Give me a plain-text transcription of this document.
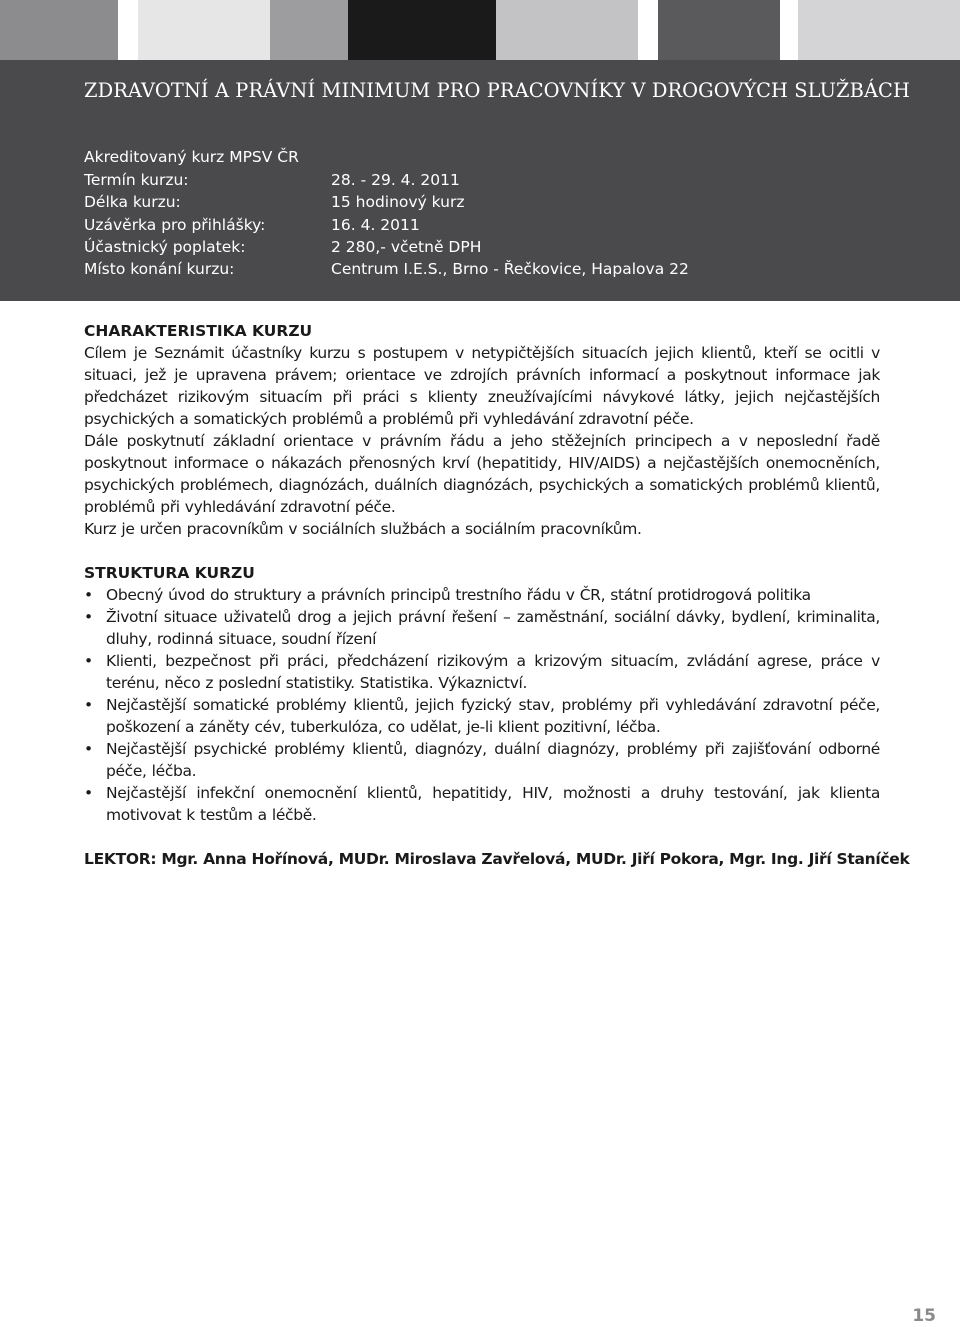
ZDRAVOTNÍ A PRÁVNÍ MINIMUM PRO PRACOVNÍKY V DROGOVÝCH SLUŽBÁCH
Akreditovaný kurz MPSV ČR
Termín kurzu:	28. - 29. 4. 2011
Délka kurzu:	15 hodinový kurz
Uzávěrka pro přihlášky:	16. 4. 2011
Účastnický poplatek:	2 280,- včetně DPH
Místo konání kurzu:	Centrum I.E.S., Brno - Řečkovice, Hapalova 22
CHARAKTERISTIKA KURZU

Cílem je Seznámit účastníky kurzu s postupem v netypičtějších situacích jejich klientů, kteří se ocitli v situaci, jež je upravena právem; orientace ve zdrojích právních informací a poskytnout informace jak předcházet rizikovým situacím při práci s klienty zneužívajícími návykové látky, jejich nejčastějších psychických a somatických problémů a problémů při vyhledávání zdravotní péče.

Dále poskytnutí základní orientace v právním řádu a jeho stěžejních principech a v neposlední řadě poskytnout informace o nákazách přenosných krví (hepatitidy, HIV/AIDS) a nejčastějších onemocněních, psychických problémech, diagnózách, duálních diagnózách, psychických a somatických problémů klientů, problémů při vyhledávání zdravotní péče.

Kurz je určen pracovníkům v sociálních službách a sociálním pracovníkům.

STRUKTURA KURZU
• Obecný úvod do struktury a právních principů trestního řádu v ČR, státní protidrogová politika
• Životní situace uživatelů drog a jejich právní řešení – zaměstnání, sociální dávky, bydlení, kriminalita, dluhy, rodinná situace, soudní řízení
• Klienti, bezpečnost při práci, předcházení rizikovým a krizovým situacím, zvládání agrese, práce v terénu, něco z poslední statistiky. Statistika. Výkaznictví.
• Nejčastější somatické problémy klientů, jejich fyzický stav, problémy při vyhledávání zdravotní péče, poškození a záněty cév, tuberkulóza, co udělat, je-li klient pozitivní, léčba.
• Nejčastější psychické problémy klientů, diagnózy, duální diagnózy, problémy při zajišťování odborné péče, léčba.
• Nejčastější infekční onemocnění klientů, hepatitidy, HIV, možnosti a druhy testování, jak klienta motivovat k testům a léčbě.

LEKTOR: Mgr. Anna Hořínová, MUDr. Miroslava Zavřelová, MUDr. Jiří Pokora, Mgr. Ing. Jiří Staníček

15
